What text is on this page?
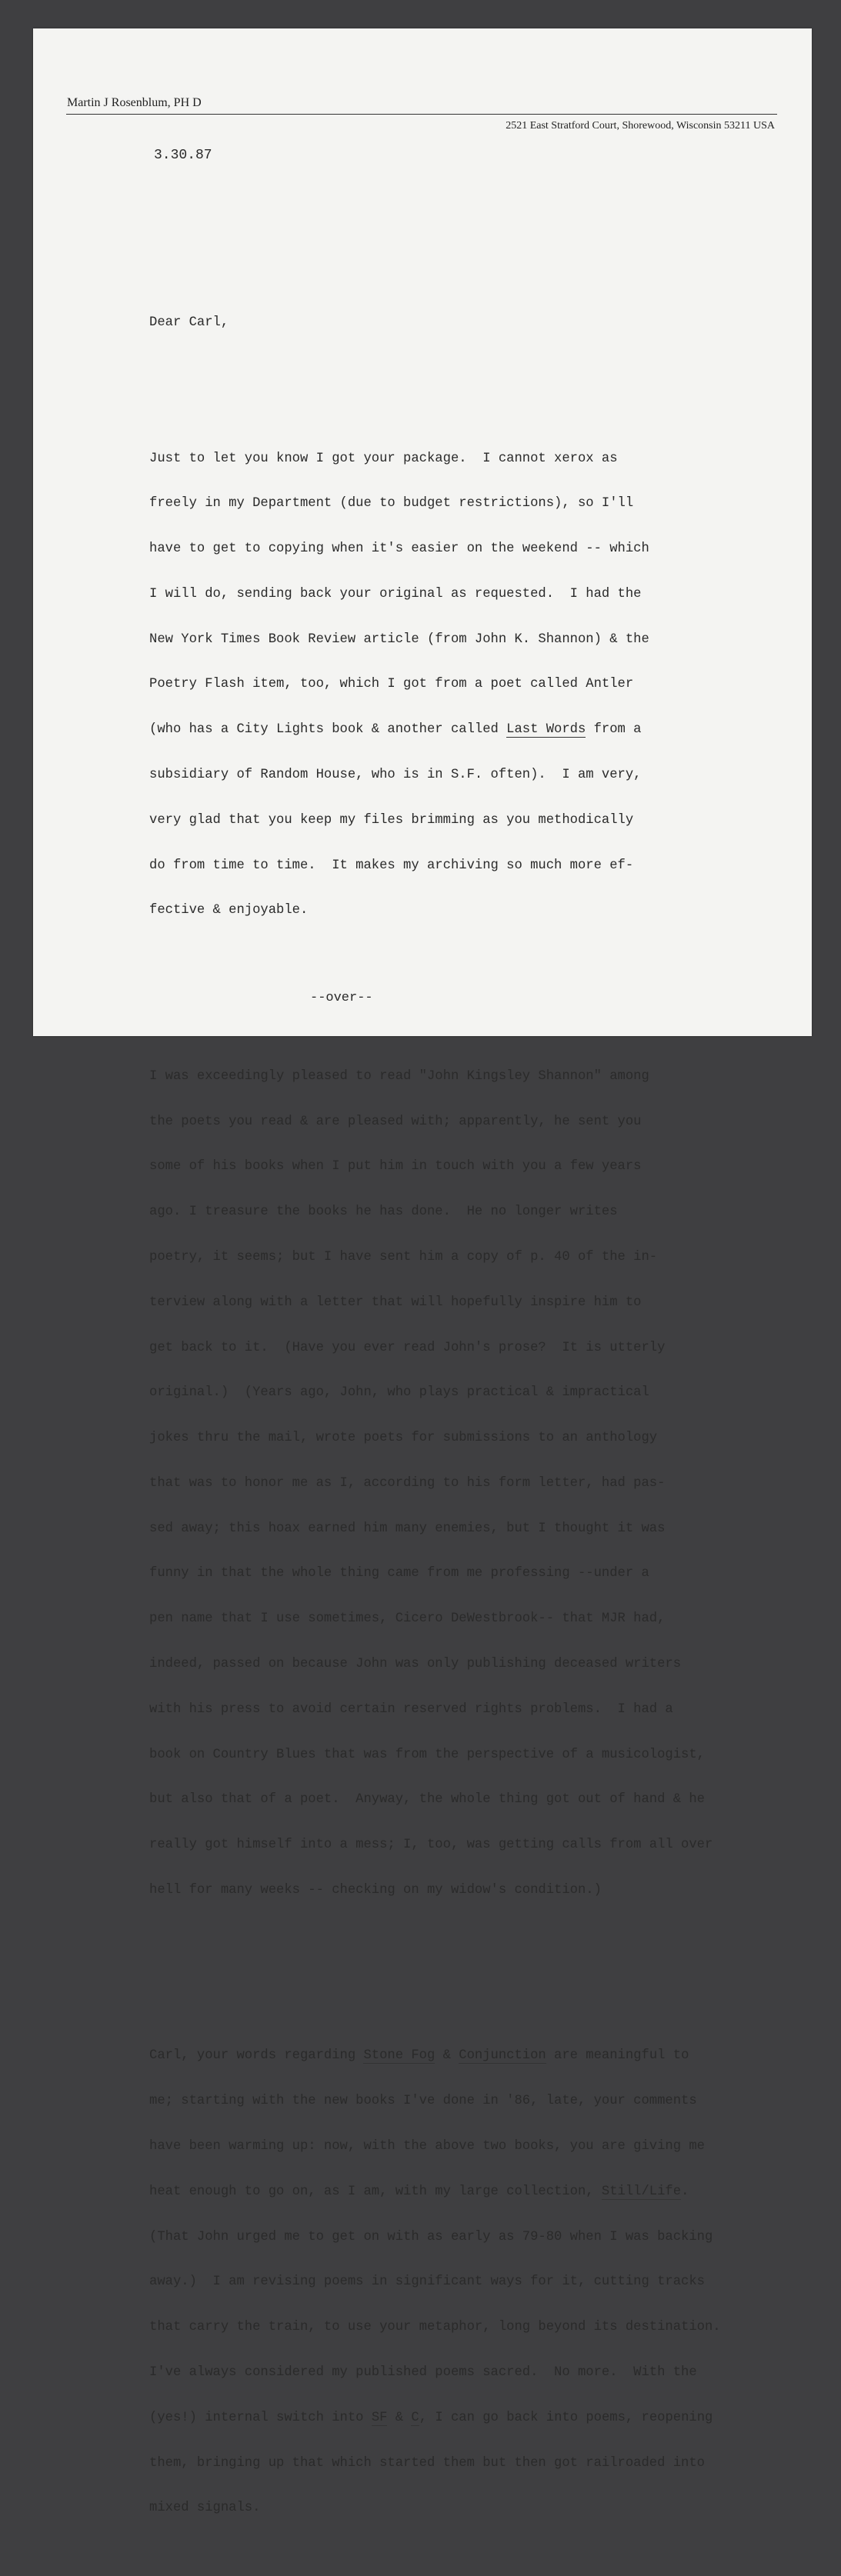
Martin J Rosenblum, PH D
2521 East Stratford Court, Shorewood, Wisconsin 53211 USA
3.30.87

Dear Carl,

Just to let you know I got your package.  I cannot xerox as

freely in my Department (due to budget restrictions), so I'll

have to get to copying when it's easier on the weekend -- which

I will do, sending back your original as requested.  I had the

New York Times Book Review article (from John K. Shannon) & the

Poetry Flash item, too, which I got from a poet called Antler

(who has a City Lights book & another called Last Words from a

subsidiary of Random House, who is in S.F. often).  I am very,

very glad that you keep my files brimming as you methodically

do from time to time.  It makes my archiving so much more ef-

fective & enjoyable.

I was exceedingly pleased to read "John Kingsley Shannon" among

the poets you read & are pleased with; apparently, he sent you

some of his books when I put him in touch with you a few years

ago. I treasure the books he has done.  He no longer writes

poetry, it seems; but I have sent him a copy of p. 40 of the in-

terview along with a letter that will hopefully inspire him to

get back to it.  (Have you ever read John's prose?  It is utterly

original.)  (Years ago, John, who plays practical & impractical

jokes thru the mail, wrote poets for submissions to an anthology

that was to honor me as I, according to his form letter, had pas-

sed away; this hoax earned him many enemies, but I thought it was

funny in that the whole thing came from me professing --under a

pen name that I use sometimes, Cicero DeWestbrook-- that MJR had,

indeed, passed on because John was only publishing deceased writers

with his press to avoid certain reserved rights problems.  I had a

book on Country Blues that was from the perspective of a musicologist,

but also that of a poet.  Anyway, the whole thing got out of hand & he

really got himself into a mess; I, too, was getting calls from all over

hell for many weeks -- checking on my widow's condition.)

Carl, your words regarding Stone Fog & Conjunction are meaningful to

me; starting with the new books I've done in '86, late, your comments

have been warming up: now, with the above two books, you are giving me

heat enough to go on, as I am, with my large collection, Still/Life.

(That John urged me to get on with as early as 79-80 when I was backing

away.)  I am revising poems in significant ways for it, cutting tracks

that carry the train, to use your metaphor, long beyond its destination.

I've always considered my published poems sacred.  No more.  With the

(yes!) internal switch into SF & C, I can go back into poems, reopening

them, bringing up that which started them but then got railroaded into

mixed signals.

--over--
